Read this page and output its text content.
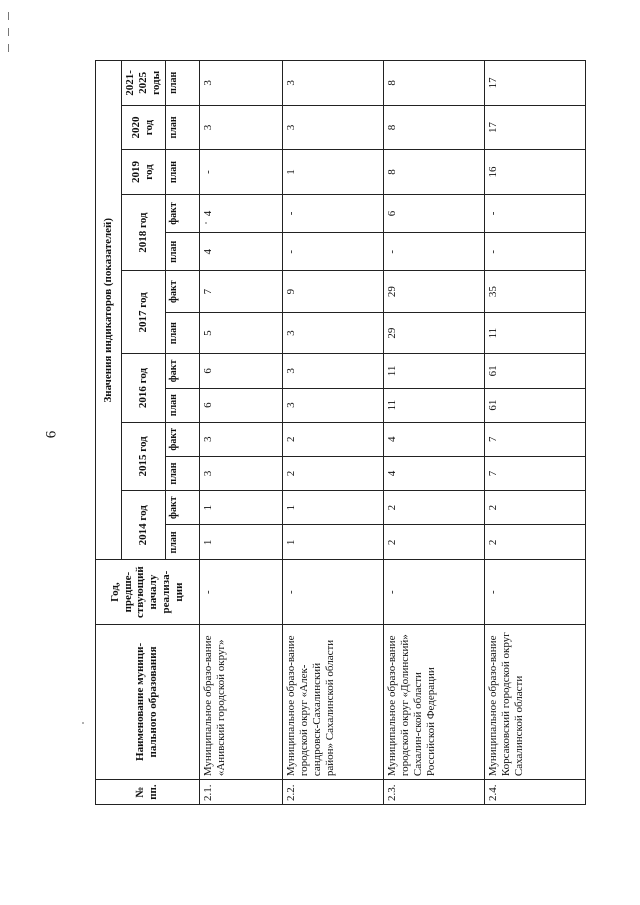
6
№ пп.	Наименование муници-пального образования	Год, предше-ствующий началу реализа-ции	Значения индикаторов (показателей)												
			2014 год		2015 год		2016 год		2017 год		2018 год		2019 год	2020 год	2021-2025 годы
			план	факт	план	факт	план	факт	план	факт	план	факт	план	план	план
2.1.	Муниципальное образо-вание «Анивский городской округ»	-	1	1	3	3	6	6	5	7	4	4	-	3	3
2.2.	Муниципальное образо-вание городской округ «Алек-сандровск-Сахалинский район» Сахалинской области	-	1	1	2	2	3	3	3	9	-	-	1	3	3
2.3.	Муниципальное образо-вание городской округ «Долинский» Сахалин-ской области Российской Федерации	-	2	2	4	4	11	11	29	29	-	6	8	8	8
2.4.	Муниципальное образо-вание Корсаковский городской округ Сахалинской области	-	2	2	7	7	61	61	11	35	-	-	16	17	17
